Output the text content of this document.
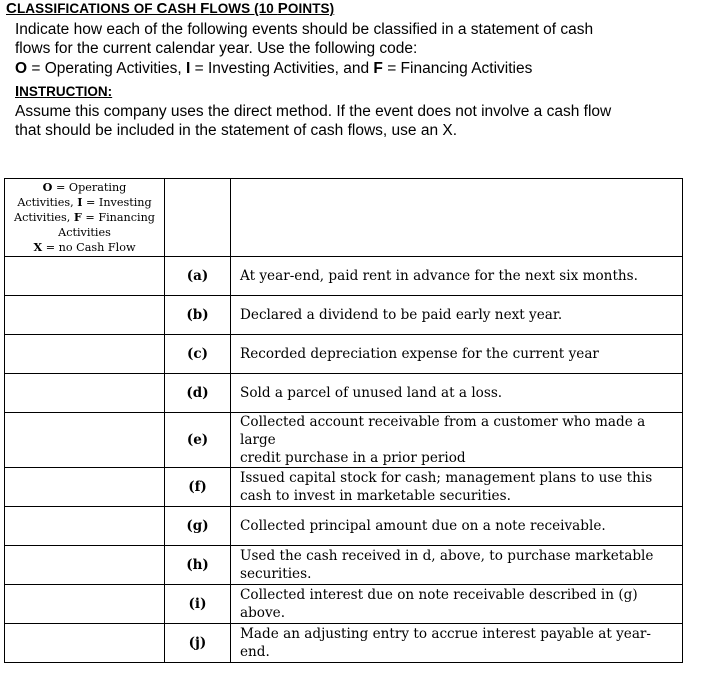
CLASSIFICATIONS OF CASH FLOWS (10 POINTS)
Indicate how each of the following events should be classified in a statement of cash
flows for the current calendar year. Use the following code:
O = Operating Activities, I = Investing Activities, and F = Financing Activities
INSTRUCTION:
Assume this company uses the direct method. If the event does not involve a cash flow
that should be included in the statement of cash flows, use an X.
O = Operating
Activities, I = Investing
Activities, F = Financing
Activities
X = no Cash Flow		

	(a)	At year-end, paid rent in advance for the next six months.

	(b)	Declared a dividend to be paid early next year.

	(c)	Recorded depreciation expense for the current year

	(d)	Sold a parcel of unused land at a loss.

	(e)	Collected account receivable from a customer who made a large
credit purchase in a prior period

	(f)	Issued capital stock for cash; management plans to use this
cash to invest in marketable securities.

	(g)	Collected principal amount due on a note receivable.

	(h)	Used the cash received in d, above, to purchase marketable
securities.

	(i)	Collected interest due on note receivable described in (g)
above.

	(j)	Made an adjusting entry to accrue interest payable at year-
end.
